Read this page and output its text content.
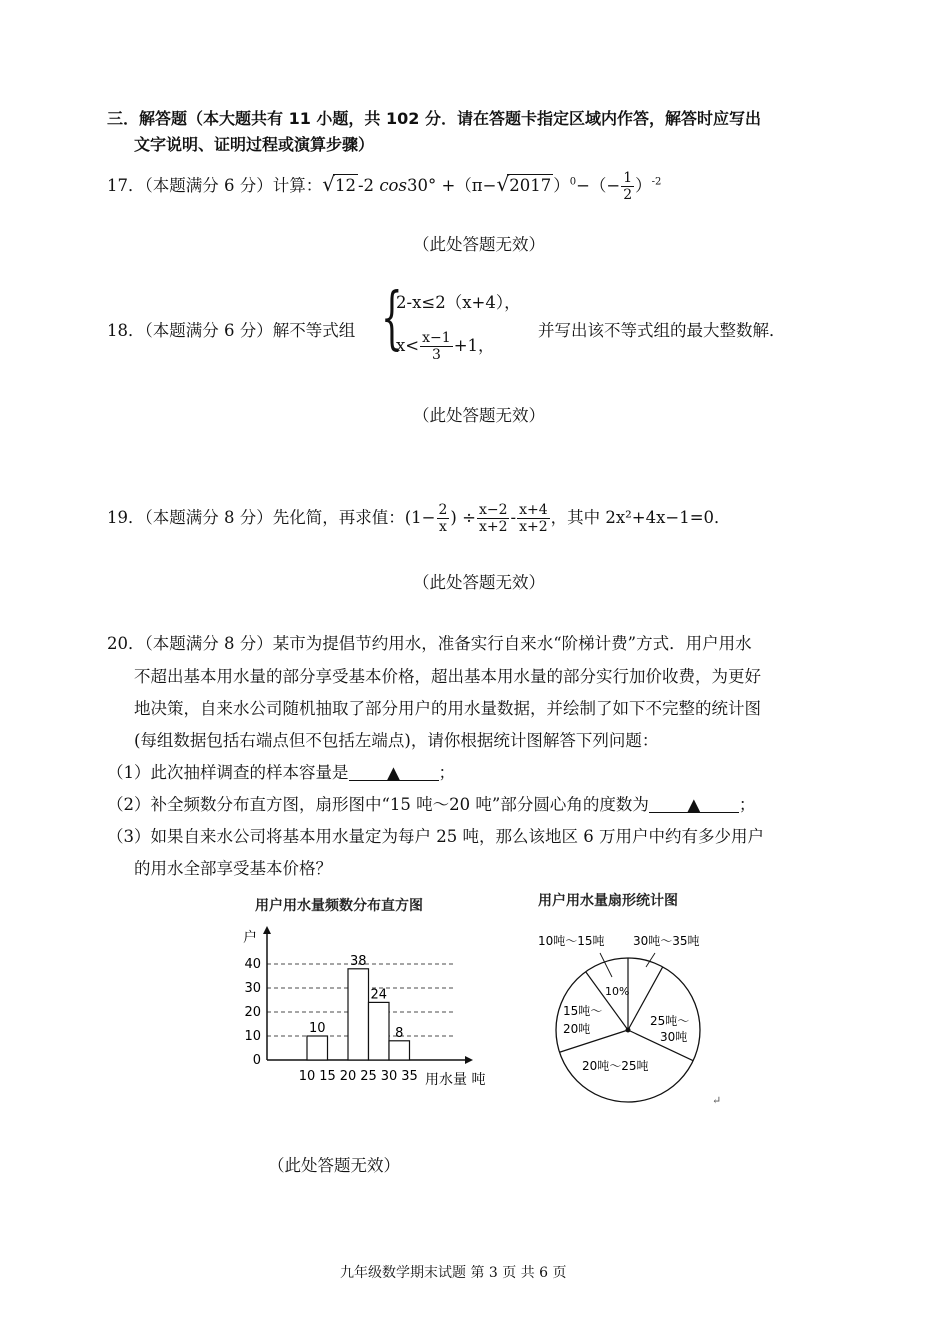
三．解答题（本大题共有 11 小题，共 102 分．请在答题卡指定区域内作答，解答时应写出
文字说明、证明过程或演算步骤）
17．（本题满分 6 分）计算：√12 -2 cos30° +（π−√2017 ）$^0-(- \frac{1}{2} )^{-2}$
（此处答题无效）
18．（本题满分 6 分）解不等式组 {
2-x≤2（x+4），
$x< \frac{x-1}{3} +1$，
并写出该不等式组的最大整数解．
（此处答题无效）
19．（本题满分 8 分）先化简，再求值：($1- \frac{2}{x}$ ) ÷ $\frac{x-2}{x+2} - \frac{x+4}{x+2}$ ，其中 2x²+4x−1=0．
（此处答题无效）
20．（本题满分 8 分）某市为提倡节约用水，准备实行自来水“阶梯计费”方式．用户用水
不超出基本用水量的部分享受基本价格，超出基本用水量的部分实行加价收费，为更好
地决策，自来水公司随机抽取了部分用户的用水量数据，并绘制了如下不完整的统计图
(每组数据包括右端点但不包括左端点)，请你根据统计图解答下列问题：
（1）此次抽样调查的样本容量是 ▲ ；
（2）补全频数分布直方图，扇形图中“15 吨～20 吨”部分圆心角的度数为 ▲ ；
（3）如果自来水公司将基本用水量定为每户 25 吨，那么该地区 6 万用户中约有多少用户
的用水全部享受基本价格？
用户用水量频数分布直方图
户
0
10
20
30
40
10 15 20 25 30 35 用水量 吨
10
38
24
8
用户用水量扇形统计图
10吨～15吨 30吨～35吨
10%
25吨～
30吨
20吨～25吨
15吨～
20吨
↵
（此处答题无效）
九年级数学期末试题 第 3 页 共 6 页
